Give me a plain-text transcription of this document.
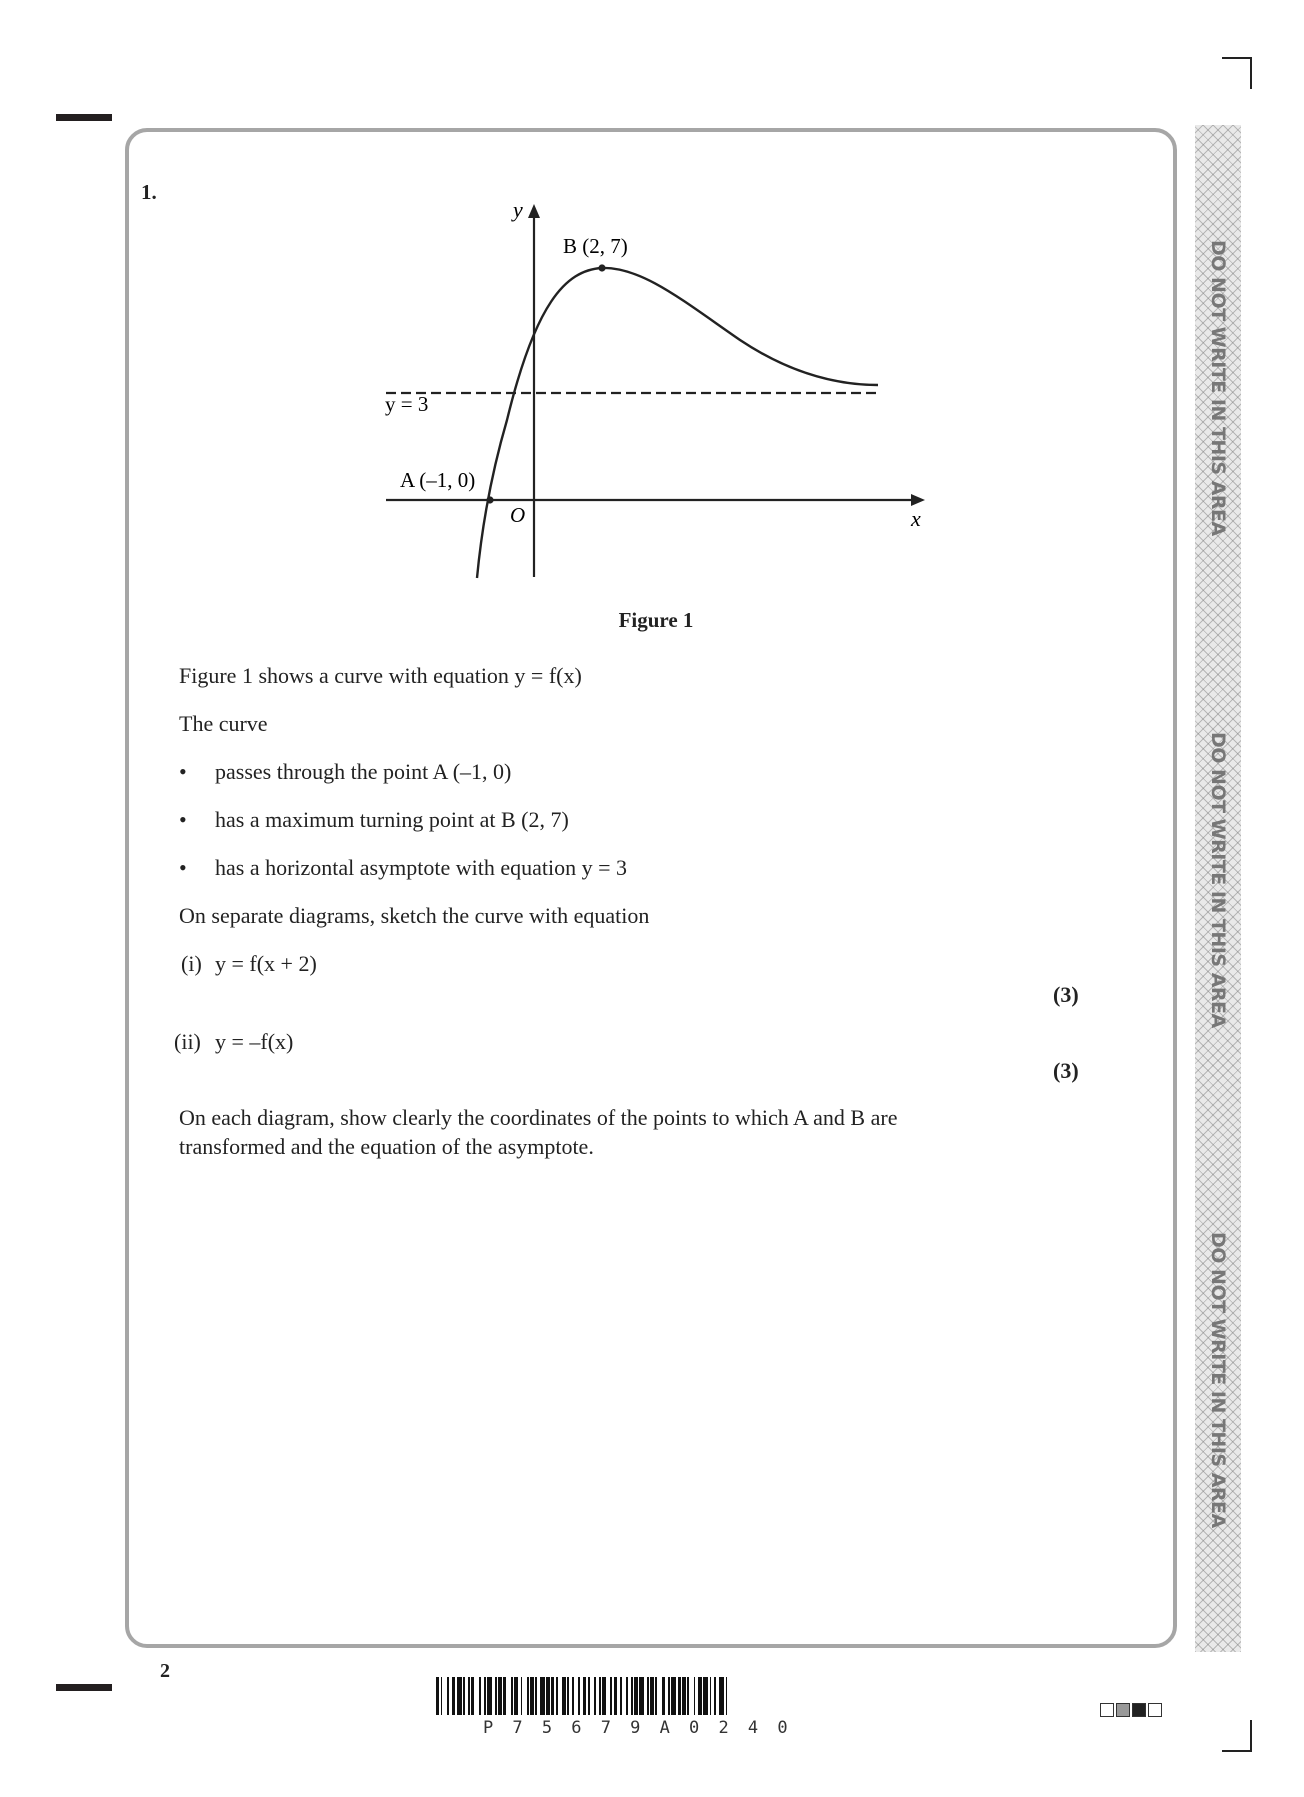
DO NOT WRITE IN THIS AREA
DO NOT WRITE IN THIS AREA
DO NOT WRITE IN THIS AREA
1.
y
x
O
B (2, 7)
A (–1, 0)
y = 3
Figure 1
Figure 1 shows a curve with equation y = f(x)
The curve
• passes through the point A (–1, 0)
• has a maximum turning point at B (2, 7)
• has a horizontal asymptote with equation y = 3
On separate diagrams, sketch the curve with equation
(i) y = f(x + 2)
(3)
(ii) y = –f(x)
(3)
On each diagram, show clearly the coordinates of the points to which A and B are
transformed and the equation of the asymptote.
2
P75679A0240
